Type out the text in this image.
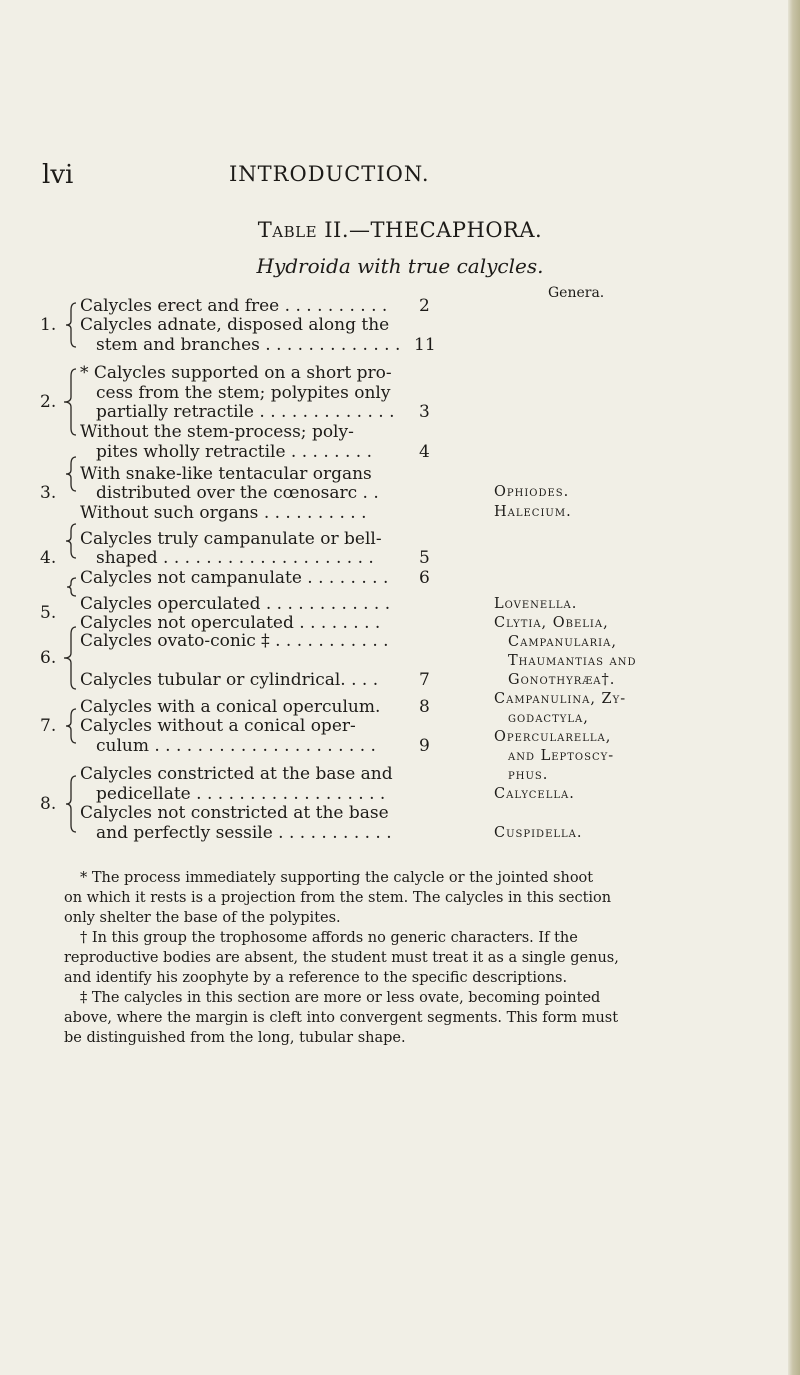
lvi	INTRODUCTION.
Table II.—THECAPHORA.
Hydroida with true calycles.
Genera.
1.
Calycles erect and free . . . . . . . . . .
Calycles adnate, disposed along the
stem and branches . . . . . . . . . . . . .
2
11
2.
* Calycles supported on a short pro-
cess from the stem; polypites only
partially retractile . . . . . . . . . . . . .
Without the stem-process; poly-
pites wholly retractile . . . . . . . .
3
4
3.
With snake-like tentacular organs
distributed over the cœnosarc . .
Without such organs . . . . . . . . . .
Ophiodes.
Halecium.
4.
Calycles truly campanulate or bell-
shaped . . . . . . . . . . . . . . . . . . . .
Calycles not campanulate . . . . . . . .
5
6
5. Calycles operculated . . . . . . . . . . . .
Calycles not operculated . . . . . . . .
Lovenella.
Clytia, Obelia,
Campanularia,
Thaumantias and
Gonothyræa†.
6.
Calycles ovato-conic ‡ . . . . . . . . . . .
Calycles tubular or cylindrical. . . .
Campanulina, Zy-
godactyla,
Opercularella,
and Leptoscy-
phus.
7
7.
Calycles with a conical operculum.
Calycles without a conical oper-
culum . . . . . . . . . . . . . . . . . . . . .
8
9
8.
Calycles constricted at the base and
pedicellate . . . . . . . . . . . . . . . . . .
Calycles not constricted at the base
and perfectly sessile . . . . . . . . . . .
Calycella.
Cuspidella.
* The process immediately supporting the calycle or the jointed shoot
on which it rests is a projection from the stem. The calycles in this section
only shelter the base of the polypites.
† In this group the trophosome affords no generic characters. If the
reproductive bodies are absent, the student must treat it as a single genus,
and identify his zoophyte by a reference to the specific descriptions.
‡ The calycles in this section are more or less ovate, becoming pointed
above, where the margin is cleft into convergent segments. This form must
be distinguished from the long, tubular shape.
